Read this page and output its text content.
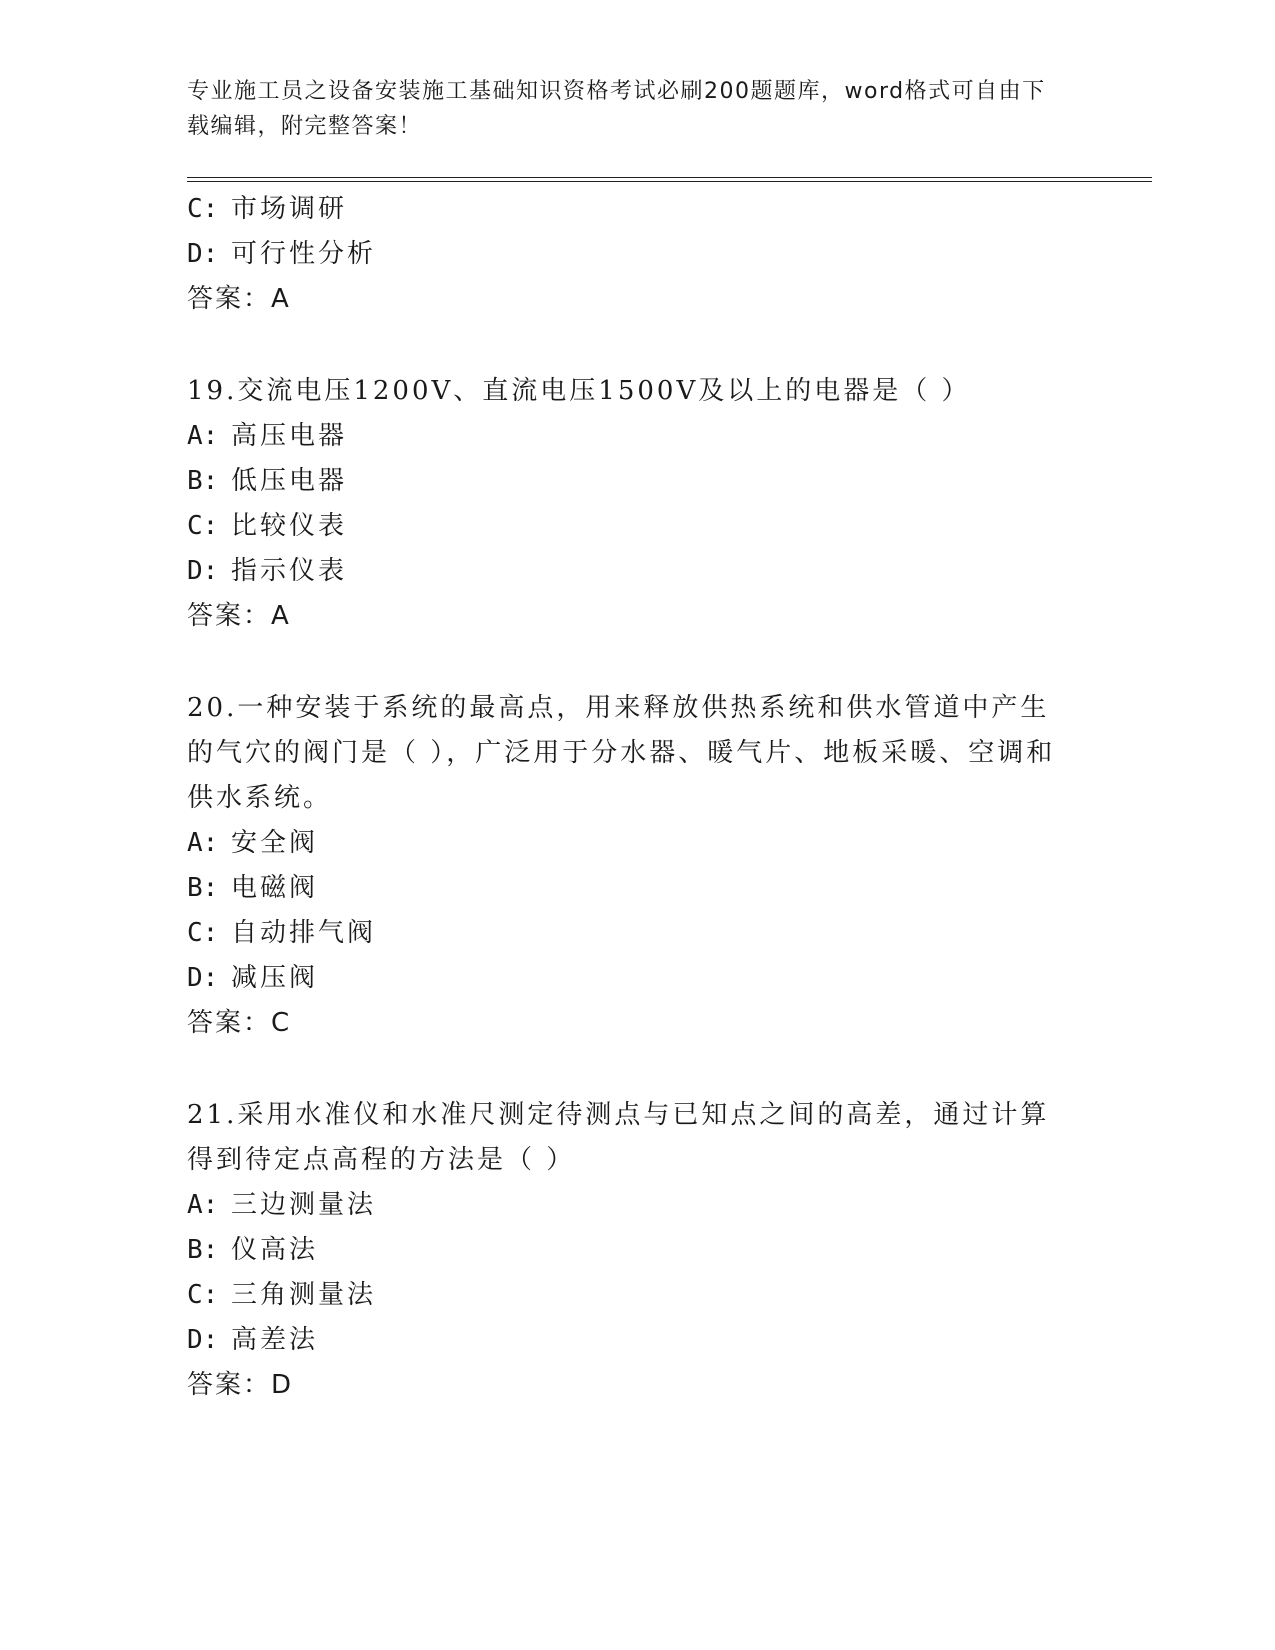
专业施工员之设备安装施工基础知识资格考试必刷200题题库，word格式可自由下载编辑，附完整答案！
C: 市场调研
D: 可行性分析
答案：A
19.交流电压1200V、直流电压1500V及以上的电器是（ ）
A: 高压电器
B: 低压电器
C: 比较仪表
D: 指示仪表
答案：A
20.一种安装于系统的最高点，用来释放供热系统和供水管道中产生的气穴的阀门是（ ），广泛用于分水器、暖气片、地板采暖、空调和供水系统。
A: 安全阀
B: 电磁阀
C: 自动排气阀
D: 减压阀
答案：C
21.采用水准仪和水准尺测定待测点与已知点之间的高差，通过计算得到待定点高程的方法是（ ）
A: 三边测量法
B: 仪高法
C: 三角测量法
D: 高差法
答案：D
